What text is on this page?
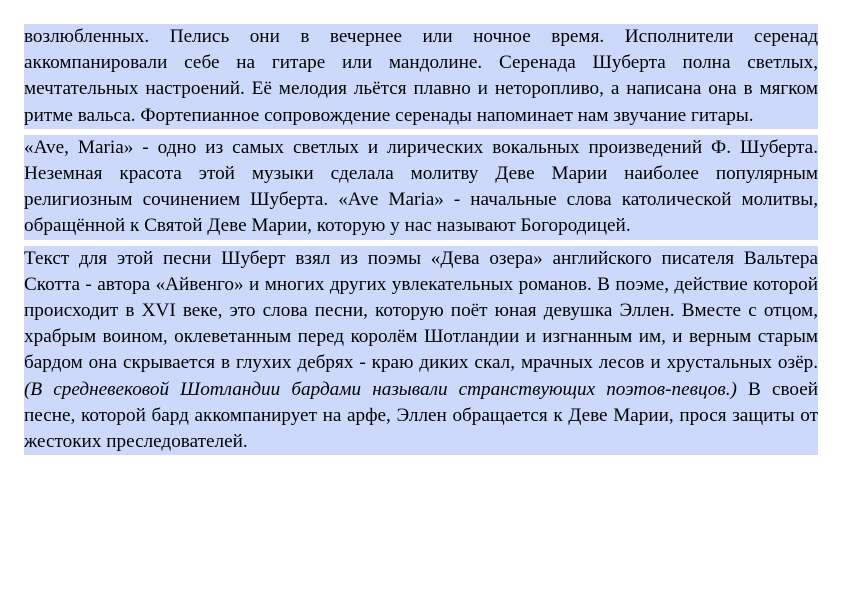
возлюбленных. Пелись они в вечернее или ночное время. Исполнители серенад аккомпанировали себе на гитаре или мандолине. Серенада Шуберта полна светлых, мечтательных настроений. Её мелодия льётся плавно и неторопливо, а написана она в мягком ритме вальса. Фортепианное сопровождение серенады напоминает нам звучание гитары.

«Ave, Maria» - одно из самых светлых и лирических вокальных произведений Ф. Шуберта. Неземная красота этой музыки сделала молитву Деве Марии наиболее популярным религиозным сочинением Шуберта. «Ave Maria» - начальные слова католической молитвы, обращённой к Святой Деве Марии, которую у нас называют Богородицей.

Текст для этой песни Шуберт взял из поэмы «Дева озера» английского писателя Вальтера Скотта - автора «Айвенго» и многих других увлекательных романов. В поэме, действие которой происходит в XVI веке, это слова песни, которую поёт юная девушка Эллен. Вместе с отцом, храбрым воином, оклеветанным перед королём Шотландии и изгнанным им, и верным старым бардом она скрывается в глухих дебрях - краю диких скал, мрачных лесов и хрустальных озёр. (В средневековой Шотландии бардами называли странствующих поэтов-певцов.) В своей песне, которой бард аккомпанирует на арфе, Эллен обращается к Деве Марии, прося защиты от жестоких преследователей.
